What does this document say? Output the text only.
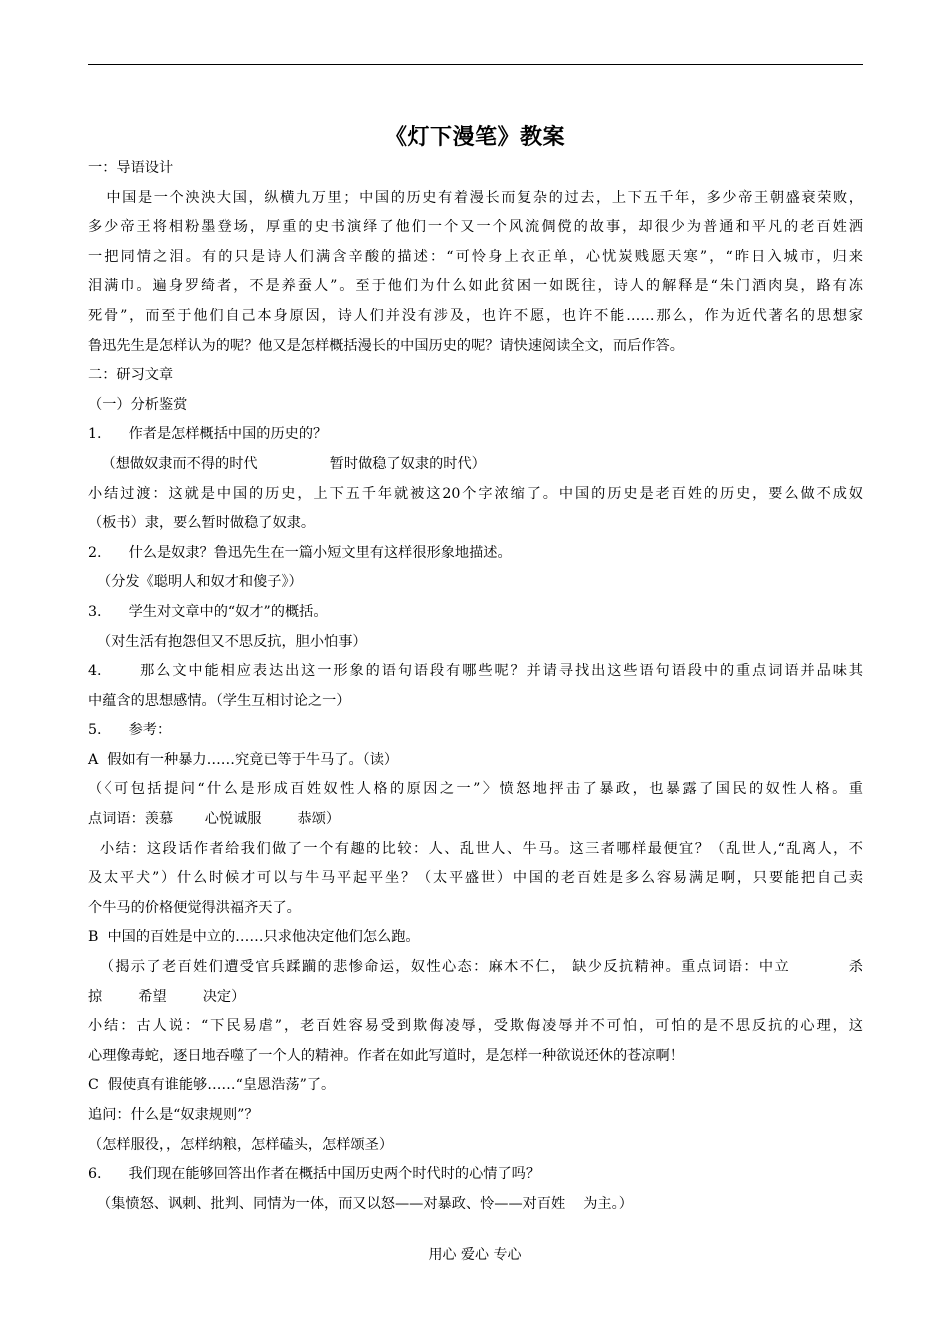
《灯下漫笔》教案
一：导语设计
中国是一个泱泱大国，纵横九万里；中国的历史有着漫长而复杂的过去，上下五千年，多少帝王朝盛衰荣败，
多少帝王将相粉墨登场，厚重的史书演绎了他们一个又一个风流倜傥的故事，却很少为普通和平凡的老百姓洒
一把同情之泪。有的只是诗人们满含辛酸的描述：“可怜身上衣正单，心忧炭贱愿天寒”，“昨日入城市，归来
泪满巾。遍身罗绮者，不是养蚕人”。至于他们为什么如此贫困一如既往，诗人的解释是“朱门酒肉臭，路有冻
死骨”，而至于他们自己本身原因，诗人们并没有涉及，也许不愿，也许不能……那么，作为近代著名的思想家
鲁迅先生是怎样认为的呢？他又是怎样概括漫长的中国历史的呢？请快速阅读全文，而后作答。
二：研习文章
（一）分析鉴赏
1.      作者是怎样概括中国的历史的？
（想做奴隶而不得的时代                暂时做稳了奴隶的时代）
小结过渡：这就是中国的历史，上下五千年就被这20个字浓缩了。中国的历史是老百姓的历史，要么做不成奴
（板书）隶，要么暂时做稳了奴隶。
2.      什么是奴隶？鲁迅先生在一篇小短文里有这样很形象地描述。
（分发《聪明人和奴才和傻子》）
3.      学生对文章中的“奴才”的概括。
（对生活有抱怨但又不思反抗，胆小怕事）
4.      那么文中能相应表达出这一形象的语句语段有哪些呢？并请寻找出这些语句语段中的重点词语并品味其
中蕴含的思想感情。（学生互相讨论之一）
5.      参考：
A  假如有一种暴力……究竟已等于牛马了。（读）
（〈可包括提问“什么是形成百姓奴性人格的原因之一”〉愤怒地抨击了暴政，也暴露了国民的奴性人格。重
点词语：羡慕       心悦诚服        恭颂）
小结：这段话作者给我们做了一个有趣的比较：人、乱世人、牛马。这三者哪样最便宜？（乱世人,“乱离人，不
及太平犬”）什么时候才可以与牛马平起平坐？（太平盛世）中国的老百姓是多么容易满足啊，只要能把自己卖
个牛马的价格便觉得洪福齐天了。
B  中国的百姓是中立的……只求他决定他们怎么跑。
（揭示了老百姓们遭受官兵蹂躏的悲惨命运，奴性心态：麻木不仁， 缺少反抗精神。重点词语：中立          杀
掠        希望        决定）
小结：古人说：“下民易虐”，老百姓容易受到欺侮凌辱，受欺侮凌辱并不可怕，可怕的是不思反抗的心理，这
心理像毒蛇，逐日地吞噬了一个人的精神。作者在如此写道时，是怎样一种欲说还休的苍凉啊！
C  假使真有谁能够……“皇恩浩荡”了。
追问：什么是“奴隶规则”？
（怎样服役，，怎样纳粮，怎样磕头，怎样颂圣）
6.      我们现在能够回答出作者在概括中国历史两个时代时的心情了吗？
（集愤怒、讽刺、批判、同情为一体，而又以怒——对暴政、怜——对百姓    为主。）
用心 爱心 专心
